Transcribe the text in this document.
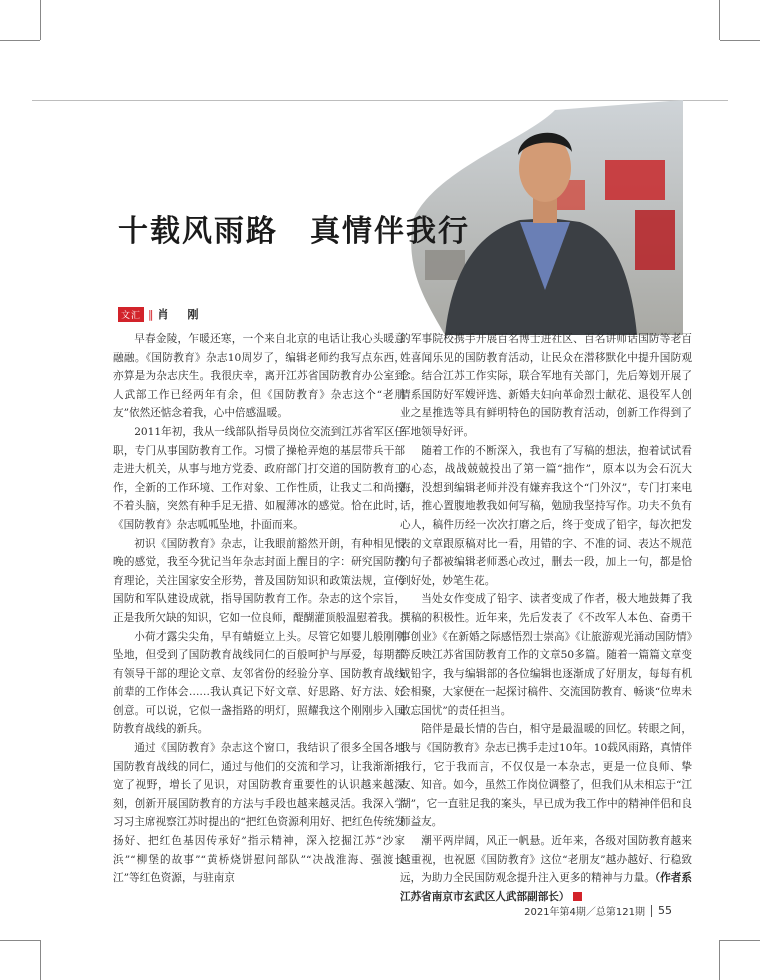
十载风雨路　真情伴我行
文汇 ‖ 肖　刚

早春金陵，乍暖还寒，一个来自北京的电话让我心头暖意融融。《国防教育》杂志10周岁了，编辑老师约我写点东西，亦算是为杂志庆生。我很庆幸，离开江苏省国防教育办公室到人武部工作已经两年有余，但《国防教育》杂志这个“老朋友”依然还惦念着我，心中倍感温暖。

2011年初，我从一线部队指导员岗位交流到江苏省军区任职，专门从事国防教育工作。习惯了操枪弄炮的基层带兵干部走进大机关，从事与地方党委、政府部门打交道的国防教育工作，全新的工作环境、工作对象、工作性质，让我丈二和尚摸不着头脑，突然有种手足无措、如履薄冰的感觉。恰在此时，《国防教育》杂志呱呱坠地，扑面而来。

初识《国防教育》杂志，让我眼前豁然开朗，有种相见恨晚的感觉，我至今犹记当年杂志封面上醒目的字：研究国防教育理论，关注国家安全形势，普及国防知识和政策法规，宣传国防和军队建设成就，指导国防教育工作。杂志的这个宗旨，正是我所欠缺的知识，它如一位良师，醍醐灌顶般温慰着我。

小荷才露尖尖角，早有蜻蜓立上头。尽管它如婴儿般刚刚坠地，但受到了国防教育战线同仁的百般呵护与厚爱，每期都有领导干部的理论文章、友邻省份的经验分享、国防教育战线前辈的工作体会……我认真记下好文章、好思路、好方法、好创意。可以说，它似一盏指路的明灯，照耀我这个刚刚步入国防教育战线的新兵。

通过《国防教育》杂志这个窗口，我结识了很多全国各地国防教育战线的同仁，通过与他们的交流和学习，让我渐渐拓宽了视野，增长了见识，对国防教育重要性的认识越来越深刻，创新开展国防教育的方法与手段也越来越灵活。我深入学习习主席视察江苏时提出的“把红色资源利用好、把红色传统发扬好、把红色基因传承好”指示精神，深入挖掘江苏“沙家浜”“柳堡的故事”“黄桥烧饼慰问部队”“决战淮海、强渡长江”等红色资源，与驻南京

的军事院校携手开展百名博士进社区、百名讲师话国防等老百姓喜闻乐见的国防教育活动，让民众在潜移默化中提升国防观念。结合江苏工作实际，联合军地有关部门，先后筹划开展了情系国防好军嫂评选、新婚夫妇向革命烈士献花、退役军人创业之星推选等具有鲜明特色的国防教育活动，创新工作得到了军地领导好评。

随着工作的不断深入，我也有了写稿的想法，抱着试试看的心态，战战兢兢投出了第一篇“拙作”，原本以为会石沉大海，没想到编辑老师并没有嫌弃我这个“门外汉”，专门打来电话，推心置腹地教我如何写稿，勉励我坚持写作。功夫不负有心人，稿件历经一次次打磨之后，终于变成了铅字，每次把发表的文章跟原稿对比一看，用错的字、不准的词、表达不规范的句子都被编辑老师悉心改过，删去一段，加上一句，都是恰到好处，妙笔生花。

当处女作变成了铅字、读者变成了作者，极大地鼓舞了我撰稿的积极性。近年来，先后发表了《不改军人本色、奋勇干事创业》《在新婚之际感悟烈士崇高》《让旅游观光涌动国防情》等反映江苏省国防教育工作的文章50多篇。随着一篇篇文章变成铅字，我与编辑部的各位编辑也逐渐成了好朋友，每每有机会相聚，大家便在一起探讨稿件、交流国防教育、畅谈“位卑未敢忘国忧”的责任担当。

陪伴是最长情的告白，相守是最温暖的回忆。转眼之间，我与《国防教育》杂志已携手走过10年。10载风雨路，真情伴我行，它于我而言，不仅仅是一本杂志，更是一位良师、挚友、知音。如今，虽然工作岗位调整了，但我们从未相忘于“江湖”，它一直驻足我的案头，早已成为我工作中的精神伴侣和良师益友。

潮平两岸阔，风正一帆悬。近年来，各级对国防教育越来越重视，也祝愿《国防教育》这位“老朋友”越办越好、行稳致远，为助力全民国防观念提升注入更多的精神与力量。（作者系江苏省南京市玄武区人武部副部长）	G

2021年第4期／总第121期 55
